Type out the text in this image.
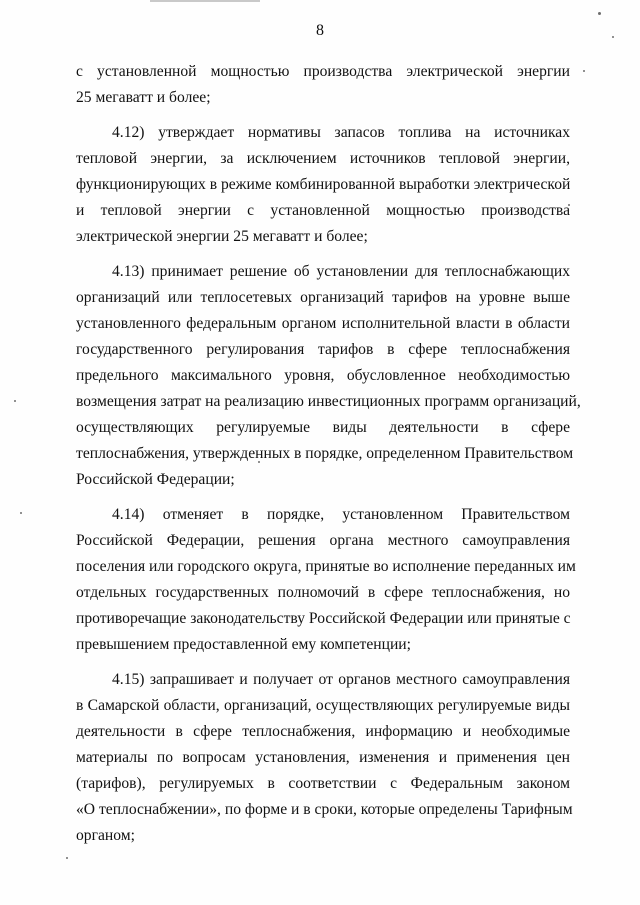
8
с установленной мощностью производства электрической энергии
25 мегаватт и более;
4.12) утверждает нормативы запасов топлива на источниках
тепловой энергии, за исключением источников тепловой энергии,
функционирующих в режиме комбинированной выработки электрической
и тепловой энергии с установленной мощностью производства
электрической энергии 25 мегаватт и более;
4.13) принимает решение об установлении для теплоснабжающих
организаций или теплосетевых организаций тарифов на уровне выше
установленного федеральным органом исполнительной власти в области
государственного регулирования тарифов в сфере теплоснабжения
предельного максимального уровня, обусловленное необходимостью
возмещения затрат на реализацию инвестиционных программ организаций,
осуществляющих регулируемые виды деятельности в сфере
теплоснабжения, утвержденных в порядке, определенном Правительством
Российской Федерации;
4.14) отменяет в порядке, установленном Правительством
Российской Федерации, решения органа местного самоуправления
поселения или городского округа, принятые во исполнение переданных им
отдельных государственных полномочий в сфере теплоснабжения, но
противоречащие законодательству Российской Федерации или принятые с
превышением предоставленной ему компетенции;
4.15) запрашивает и получает от органов местного самоуправления
в Самарской области, организаций, осуществляющих регулируемые виды
деятельности в сфере теплоснабжения, информацию и необходимые
материалы по вопросам установления, изменения и применения цен
(тарифов), регулируемых в соответствии с Федеральным законом
«О теплоснабжении», по форме и в сроки, которые определены Тарифным
органом;
